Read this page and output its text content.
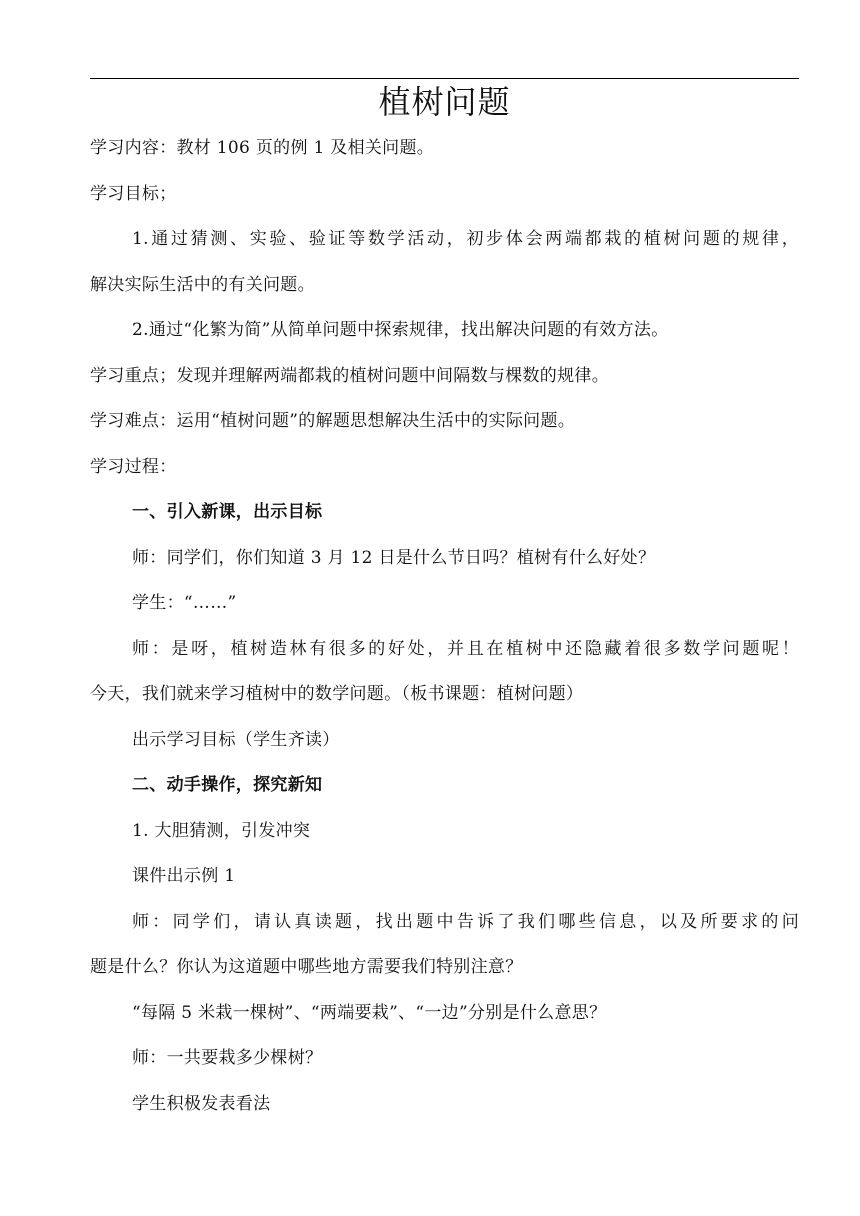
植树问题
学习内容：教材 106 页的例 1 及相关问题。
学习目标；
1.通过猜测、实验、验证等数学活动，初步体会两端都栽的植树问题的规律，
解决实际生活中的有关问题。
2.通过“化繁为简”从简单问题中探索规律，找出解决问题的有效方法。
学习重点；发现并理解两端都栽的植树问题中间隔数与棵数的规律。
学习难点：运用“植树问题”的解题思想解决生活中的实际问题。
学习过程：
一、引入新课，出示目标
师：同学们，你们知道 3 月 12 日是什么节日吗？植树有什么好处？
学生：“……”
师：是呀，植树造林有很多的好处，并且在植树中还隐藏着很多数学问题呢！
今天，我们就来学习植树中的数学问题。（板书课题：植树问题）
出示学习目标（学生齐读）
二、动手操作，探究新知
1. 大胆猜测，引发冲突
课件出示例 1
师：同学们，请认真读题，找出题中告诉了我们哪些信息，以及所要求的问
题是什么？你认为这道题中哪些地方需要我们特别注意？
“每隔 5 米栽一棵树”、“两端要栽”、“一边”分别是什么意思？
师：一共要栽多少棵树？
学生积极发表看法
